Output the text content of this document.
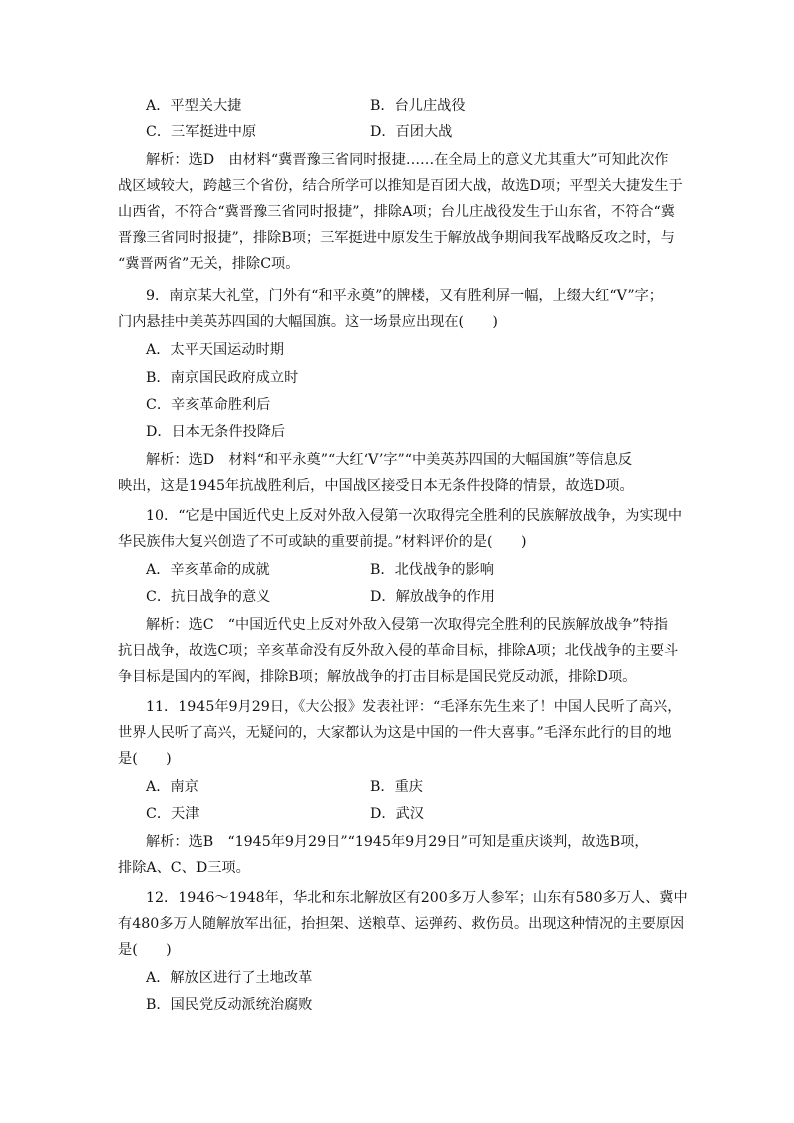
A．平型关大捷	B．台儿庄战役
C．三军挺进中原	D．百团大战
解析：选D　由材料“冀晋豫三省同时报捷……在全局上的意义尤其重大”可知此次作
战区域较大，跨越三个省份，结合所学可以推知是百团大战，故选D项；平型关大捷发生于
山西省，不符合“冀晋豫三省同时报捷”，排除A项；台儿庄战役发生于山东省，不符合“冀
晋豫三省同时报捷”，排除B项；三军挺进中原发生于解放战争期间我军战略反攻之时，与
“冀晋两省”无关，排除C项。
9．南京某大礼堂，门外有“和平永奠”的牌楼，又有胜利屏一幅，上缀大红“V”字；
门内悬挂中美英苏四国的大幅国旗。这一场景应出现在(　　)
A．太平天国运动时期
B．南京国民政府成立时
C．辛亥革命胜利后
D．日本无条件投降后
解析：选D　材料“和平永奠”“大红‘V’字”“中美英苏四国的大幅国旗”等信息反
映出，这是1945年抗战胜利后，中国战区接受日本无条件投降的情景，故选D项。
10．“它是中国近代史上反对外敌入侵第一次取得完全胜利的民族解放战争，为实现中
华民族伟大复兴创造了不可或缺的重要前提。”材料评价的是(　　)
A．辛亥革命的成就	B．北伐战争的影响
C．抗日战争的意义	D．解放战争的作用
解析：选C　“中国近代史上反对外敌入侵第一次取得完全胜利的民族解放战争”特指
抗日战争，故选C项；辛亥革命没有反外敌入侵的革命目标，排除A项；北伐战争的主要斗
争目标是国内的军阀，排除B项；解放战争的打击目标是国民党反动派，排除D项。
11．1945年9月29日，《大公报》发表社评：“毛泽东先生来了！中国人民听了高兴，
世界人民听了高兴，无疑问的，大家都认为这是中国的一件大喜事。”毛泽东此行的目的地
是(　　)
A．南京	B．重庆
C．天津	D．武汉
解析：选B　“1945年9月29日”“1945年9月29日”可知是重庆谈判，故选B项，
排除A、C、D三项。
12．1946～1948年，华北和东北解放区有200多万人参军；山东有580多万人、冀中
有480多万人随解放军出征，抬担架、送粮草、运弹药、救伤员。出现这种情况的主要原因
是(　　)
A．解放区进行了土地改革
B．国民党反动派统治腐败
